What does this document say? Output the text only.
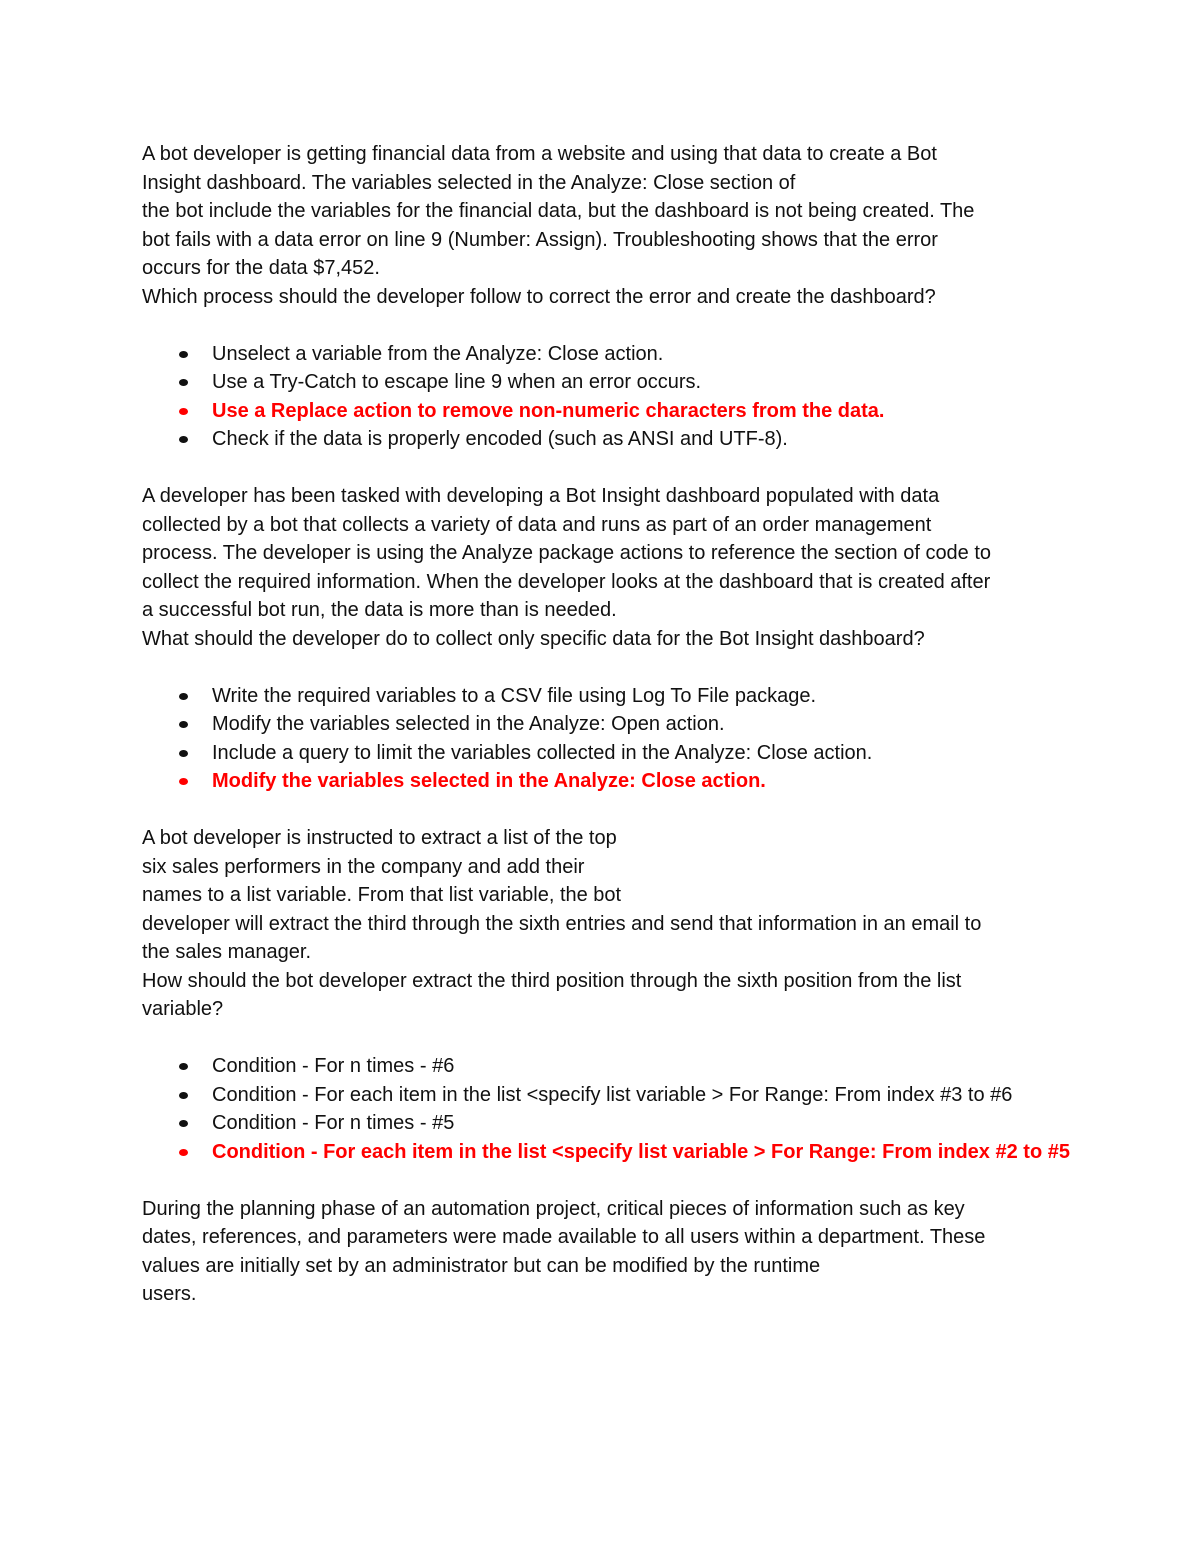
A bot developer is getting financial data from a website and using that data to create a Bot

Insight dashboard. The variables selected in the Analyze: Close section of

the bot include the variables for the financial data, but the dashboard is not being created. The

bot fails with a data error on line 9 (Number: Assign). Troubleshooting shows that the error

occurs for the data $7,452.

Which process should the developer follow to correct the error and create the dashboard?

Unselect a variable from the Analyze: Close action.
Use a Try-Catch to escape line 9 when an error occurs.
Use a Replace action to remove non-numeric characters from the data.
Check if the data is properly encoded (such as ANSI and UTF-8).

A developer has been tasked with developing a Bot Insight dashboard populated with data

collected by a bot that collects a variety of data and runs as part of an order management

process. The developer is using the Analyze package actions to reference the section of code to

collect the required information. When the developer looks at the dashboard that is created after

a successful bot run, the data is more than is needed.

What should the developer do to collect only specific data for the Bot Insight dashboard?

Write the required variables to a CSV file using Log To File package.
Modify the variables selected in the Analyze: Open action.
Include a query to limit the variables collected in the Analyze: Close action.
Modify the variables selected in the Analyze: Close action.

A bot developer is instructed to extract a list of the top

six sales performers in the company and add their

names to a list variable. From that list variable, the bot

developer will extract the third through the sixth entries and send that information in an email to

the sales manager.

How should the bot developer extract the third position through the sixth position from the list

variable?

Condition - For n times - #6
Condition - For each item in the list <specify list variable > For Range: From index #3 to #6
Condition - For n times - #5
Condition - For each item in the list <specify list variable > For Range: From index #2 to #5

During the planning phase of an automation project, critical pieces of information such as key

dates, references, and parameters were made available to all users within a department. These

values are initially set by an administrator but can be modified by the runtime

users.
